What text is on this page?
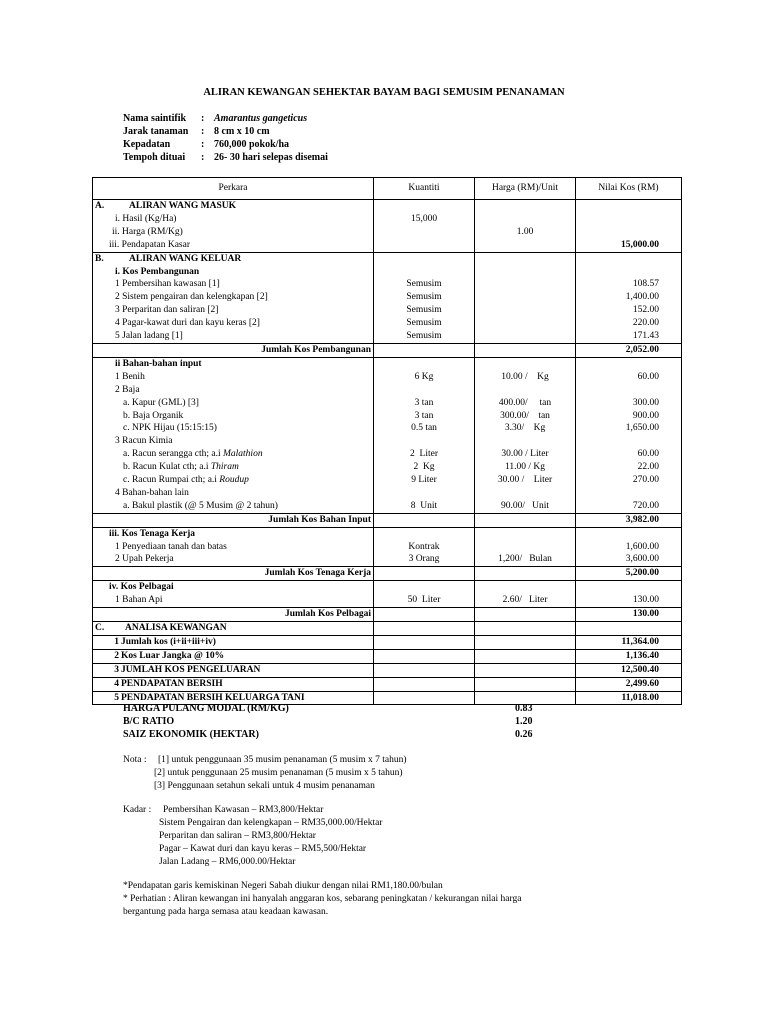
ALIRAN KEWANGAN SEHEKTAR BAYAM BAGI SEMUSIM PENANAMAN
Nama saintifik : Amarantus gangeticus
Jarak tanaman : 8 cm x 10 cm
Kepadatan	: 760,000 pokok/ha
Tempoh dituai : 26- 30 hari selepas disemai
Perkara	Kuantiti	Harga (RM)/Unit	Nilai Kos (RM)
A. ALIRAN WANG MASUK			
i. Hasil (Kg/Ha)	15,000		
ii. Harga (RM/Kg)		1.00	
iii. Pendapatan Kasar			15,000.00
B. ALIRAN WANG KELUAR			
i. Kos Pembangunan			
1 Pembersihan kawasan [1]	Semusim		108.57
2 Sistem pengairan dan kelengkapan [2]	Semusim		1,400.00
3 Perparitan dan saliran [2]	Semusim		152.00
4 Pagar-kawat duri dan kayu keras [2]	Semusim		220.00
5 Jalan ladang [1]	Semusim		171.43
Jumlah Kos Pembangunan			2,052.00
ii Bahan-bahan input			
1 Benih	6 Kg	10.00 /    Kg	60.00
2 Baja			
a. Kapur (GML) [3]	3 tan	400.00/     tan	300.00
b. Baja Organik	3 tan	300.00/    tan	900.00
c. NPK Hijau (15:15:15)	0.5 tan	3.30/    Kg	1,650.00
3 Racun Kimia			
a. Racun serangga cth; a.i Malathion	2  Liter	30.00 / Liter	60.00
b. Racun Kulat cth; a.i Thiram	2  Kg	11.00 / Kg	22.00
c. Racun Rumpai cth; a.i Roudup	9 Liter	30.00 /    Liter	270.00
4 Bahan-bahan lain			
a. Bakul plastik (@ 5 Musim @ 2 tahun)	8  Unit	90.00/   Unit	720.00
Jumlah Kos Bahan Input			3,982.00
iii. Kos Tenaga Kerja			
1 Penyediaan tanah dan batas	Kontrak		1,600.00
2 Upah Pekerja	3 Orang	1,200/   Bulan	3,600.00
Jumlah Kos Tenaga Kerja			5,200.00
iv. Kos Pelbagai			
1 Bahan Api	50  Liter	2.60/   Liter	130.00
Jumlah Kos Pelbagai			130.00
C. ANALISA KEWANGAN			
1 Jumlah kos (i+ii+iii+iv)			11,364.00
2 Kos Luar Jangka @ 10%			1,136.40
3 JUMLAH KOS PENGELUARAN			12,500.40
4 PENDAPATAN BERSIH			2,499.60
5 PENDAPATAN BERSIH KELUARGA TANI			11,018.00
HARGA PULANG MODAL (RM/KG)	0.83
B/C RATIO	1.20
SAIZ EKONOMIK (HEKTAR)	0.26
Nota : [1] untuk penggunaan 35 musim penanaman (5 musim x 7 tahun)
[2] untuk penggunaan 25 musim penanaman (5 musim x 5 tahun)
[3] Penggunaan setahun sekali untuk 4 musim penanaman
Kadar : Pembersihan Kawasan – RM3,800/Hektar
Sistem Pengairan dan kelengkapan – RM35,000.00/Hektar
Perparitan dan saliran – RM3,800/Hektar
Pagar – Kawat duri dan kayu keras – RM5,500/Hektar
Jalan Ladang – RM6,000.00/Hektar
*Pendapatan garis kemiskinan Negeri Sabah diukur dengan nilai RM1,180.00/bulan
* Perhatian : Aliran kewangan ini hanyalah anggaran kos, sebarang peningkatan / kekurangan nilai harga
bergantung pada harga semasa atau keadaan kawasan.
